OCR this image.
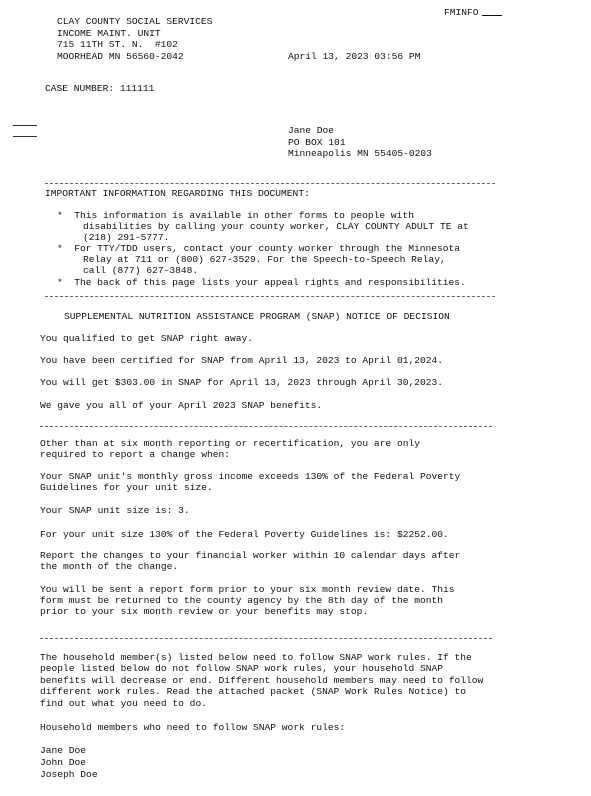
FMINFO
CLAY COUNTY SOCIAL SERVICES
INCOME MAINT. UNIT
715 11TH ST. N.  #102
MOORHEAD MN 56560-2042	April 13, 2023 03:56 PM
CASE NUMBER: 111111
Jane Doe
PO BOX 101
Minneapolis MN 55405-0203
IMPORTANT INFORMATION REGARDING THIS DOCUMENT:
*  This information is available in other forms to people with
disabilities by calling your county worker, CLAY COUNTY ADULT TE at
(218) 291-5777.
*  For TTY/TDD users, contact your county worker through the Minnesota
Relay at 711 or (800) 627-3529. For the Speech-to-Speech Relay,
call (877) 627-3848.
*  The back of this page lists your appeal rights and responsibilities.
SUPPLEMENTAL NUTRITION ASSISTANCE PROGRAM (SNAP) NOTICE OF DECISION
You qualified to get SNAP right away.
You have been certified for SNAP from April 13, 2023 to April 01,2024.
You will get $303.00 in SNAP for April 13, 2023 through April 30,2023.
We gave you all of your April 2023 SNAP benefits.
Other than at six month reporting or recertification, you are only
required to report a change when:
Your SNAP unit's monthly gross income exceeds 130% of the Federal Poverty
Guidelines for your unit size.
Your SNAP unit size is: 3.
For your unit size 130% of the Federal Poverty Guidelines is: $2252.00.
Report the changes to your financial worker within 10 calendar days after
the month of the change.
You will be sent a report form prior to your six month review date. This
form must be returned to the county agency by the 8th day of the month
prior to your six month review or your benefits may stop.
The household member(s) listed below need to follow SNAP work rules. If the
people listed below do not follow SNAP work rules, your household SNAP
benefits will decrease or end. Different household members may need to follow
different work rules. Read the attached packet (SNAP Work Rules Notice) to
find out what you need to do.
Household members who need to follow SNAP work rules:
Jane Doe
John Doe
Joseph Doe
